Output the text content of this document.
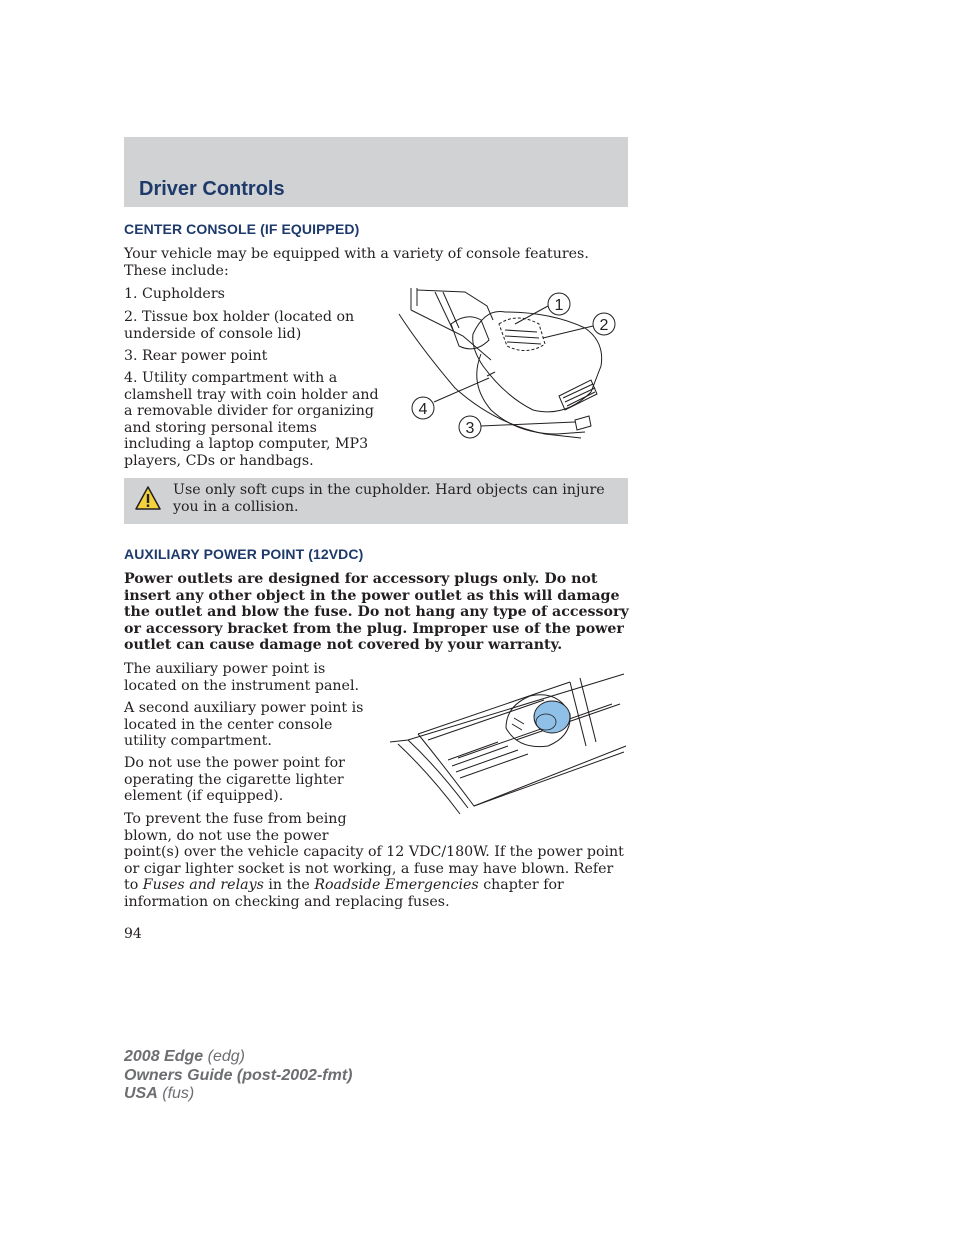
Driver Controls
CENTER CONSOLE (IF EQUIPPED)

Your vehicle may be equipped with a variety of console features. These include:

1. Cupholders

2. Tissue box holder (located on underside of console lid)

3. Rear power point

4. Utility compartment with a clamshell tray with coin holder and a removable divider for organizing and storing personal items including a laptop computer, MP3 players, CDs or handbags.

1
2
3
4

Use only soft cups in the cupholder. Hard objects can injure you in a collision.

AUXILIARY POWER POINT (12VDC)

Power outlets are designed for accessory plugs only. Do not insert any other object in the power outlet as this will damage the outlet and blow the fuse. Do not hang any type of accessory or accessory bracket from the plug. Improper use of the power outlet can cause damage not covered by your warranty.

The auxiliary power point is located on the instrument panel.

A second auxiliary power point is located in the center console utility compartment.

Do not use the power point for operating the cigarette lighter element (if equipped).

To prevent the fuse from being
blown, do not use the power
point(s) over the vehicle capacity of 12 VDC/180W. If the power point or cigar lighter socket is not working, a fuse may have blown. Refer to Fuses and relays in the Roadside Emergencies chapter for information on checking and replacing fuses.

94

2008 Edge (edg)
Owners Guide (post-2002-fmt)
USA (fus)
